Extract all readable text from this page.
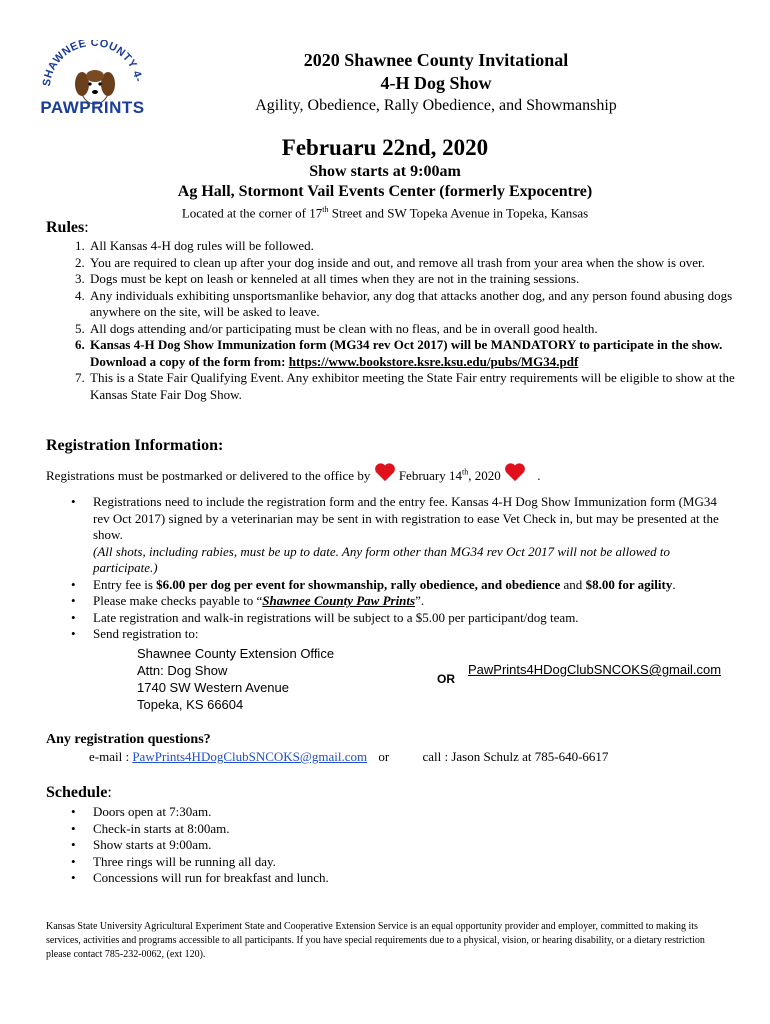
SHAWNEE COUNTY 4-
PAWPRINTS
2020 Shawnee County Invitational
4-H Dog Show
Agility, Obedience, Rally Obedience, and Showmanship
Februaru 22nd, 2020
Show starts at 9:00am
Ag Hall, Stormont Vail Events Center (formerly Expocentre)
Located at the corner of 17th Street and SW Topeka Avenue in Topeka, Kansas
Rules:
1. All Kansas 4-H dog rules will be followed.
2. You are required to clean up after your dog inside and out, and remove all trash from your area when the show is over.
3. Dogs must be kept on leash or kenneled at all times when they are not in the training sessions.
4. Any individuals exhibiting unsportsmanlike behavior, any dog that attacks another dog, and any person found abusing dogs anywhere on the site, will be asked to leave.
5. All dogs attending and/or participating must be clean with no fleas, and be in overall good health.
6. Kansas 4-H Dog Show Immunization form (MG34 rev Oct 2017) will be MANDATORY to participate in the show. Download a copy of the form from: https://www.bookstore.ksre.ksu.edu/pubs/MG34.pdf
7. This is a State Fair Qualifying Event. Any exhibitor meeting the State Fair entry requirements will be eligible to show at the Kansas State Fair Dog Show.
Registration Information:
Registrations must be postmarked or delivered to the office by February 14th, 2020	.
• Registrations need to include the registration form and the entry fee. Kansas 4-H Dog Show Immunization form (MG34 rev Oct 2017) signed by a veterinarian may be sent in with registration to ease Vet Check in, but may be presented at the show.
(All shots, including rabies, must be up to date. Any form other than MG34 rev Oct 2017 will not be allowed to participate.)
• Entry fee is $6.00 per dog per event for showmanship, rally obedience, and obedience and $8.00 for agility.
• Please make checks payable to “Shawnee County Paw Prints”.
• Late registration and walk-in registrations will be subject to a $5.00 per participant/dog team.
• Send registration to:
Shawnee County Extension Office
Attn: Dog Show
1740 SW Western Avenue
Topeka, KS 66604
OR
PawPrints4HDogClubSNCOKS@gmail.com
Any registration questions?
e-mail : PawPrints4HDogClubSNCOKS@gmail.com or	call : Jason Schulz at 785-640-6617
Schedule:
• Doors open at 7:30am.
• Check-in starts at 8:00am.
• Show starts at 9:00am.
• Three rings will be running all day.
• Concessions will run for breakfast and lunch.
Kansas State University Agricultural Experiment State and Cooperative Extension Service is an equal opportunity provider and employer, committed to making its services, activities and programs accessible to all participants. If you have special requirements due to a physical, vision, or hearing disability, or a dietary restriction please contact 785-232-0062, (ext 120).
